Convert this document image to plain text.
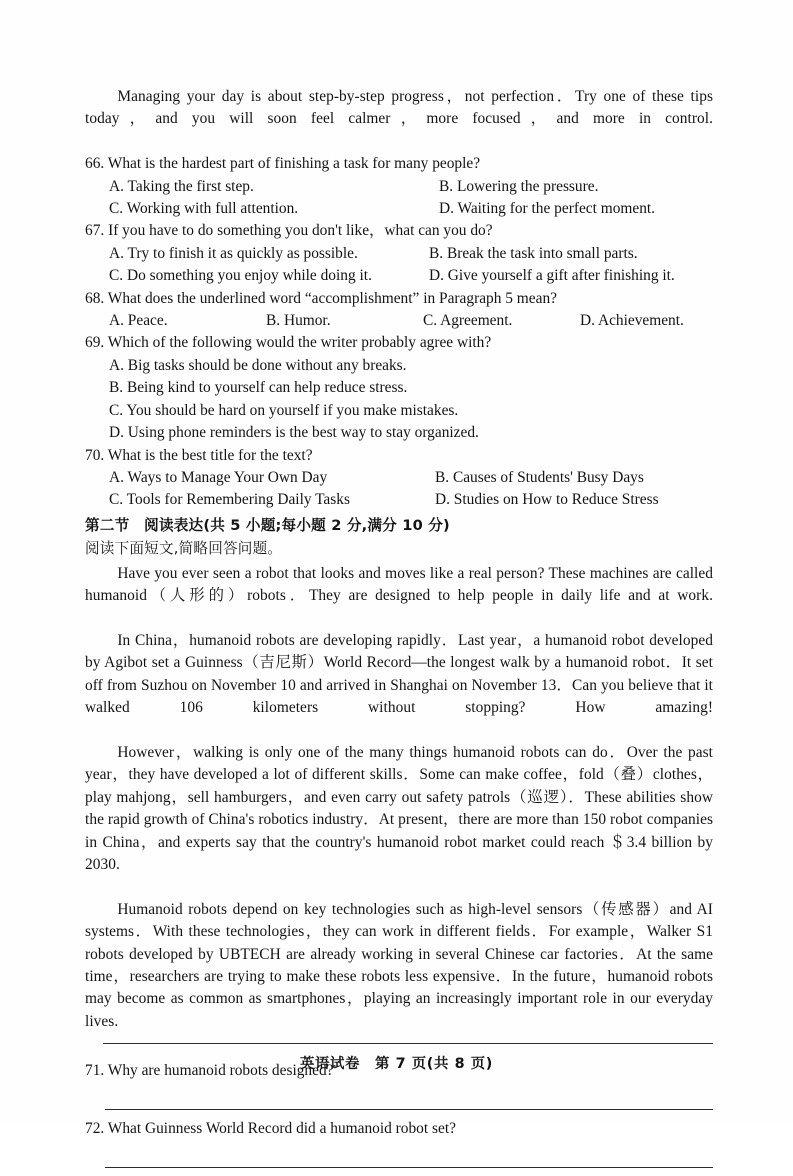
Managing your day is about step-by-step progress，not perfection．Try one of these tips today，and you will soon feel calmer，more focused，and more in control.

66. What is the hardest part of finishing a task for many people?

A. Taking the first step.	B. Lowering the pressure.
C. Working with full attention.	D. Waiting for the perfect moment.

67. If you have to do something you don't like，what can you do?

A. Try to finish it as quickly as possible.	B. Break the task into small parts.
C. Do something you enjoy while doing it.	D. Give yourself a gift after finishing it.

68. What does the underlined word “accomplishment” in Paragraph 5 mean?

A. Peace.	B. Humor.	C. Agreement.	D. Achievement.

69. Which of the following would the writer probably agree with?

A. Big tasks should be done without any breaks.
B. Being kind to yourself can help reduce stress.
C. You should be hard on yourself if you make mistakes.
D. Using phone reminders is the best way to stay organized.

70. What is the best title for the text?

A. Ways to Manage Your Own Day	B. Causes of Students' Busy Days
C. Tools for Remembering Daily Tasks	D. Studies on How to Reduce Stress

第二节　阅读表达(共 5 小题;每小题 2 分,满分 10 分)

阅读下面短文,简略回答问题。

Have you ever seen a robot that looks and moves like a real person? These machines are called humanoid（人形的）robots．They are designed to help people in daily life and at work.

In China，humanoid robots are developing rapidly．Last year，a humanoid robot developed by Agibot set a Guinness（吉尼斯）World Record—the longest walk by a humanoid robot．It set off from Suzhou on November 10 and arrived in Shanghai on November 13．Can you believe that it walked 106 kilometers without stopping? How amazing!

However，walking is only one of the many things humanoid robots can do．Over the past year，they have developed a lot of different skills．Some can make coffee，fold（叠）clothes，play mahjong，sell hamburgers，and even carry out safety patrols（巡逻）．These abilities show the rapid growth of China's robotics industry．At present，there are more than 150 robot companies in China，and experts say that the country's humanoid robot market could reach ＄3.4 billion by 2030.

Humanoid robots depend on key technologies such as high-level sensors（传感器）and AI systems．With these technologies，they can work in different fields．For example，Walker S1 robots developed by UBTECH are already working in several Chinese car factories．At the same time，researchers are trying to make these robots less expensive．In the future，humanoid robots may become as common as smartphones，playing an increasingly important role in our everyday lives.

71. Why are humanoid robots designed?

72. What Guinness World Record did a humanoid robot set?

英语试卷　第 7 页(共 8 页)
